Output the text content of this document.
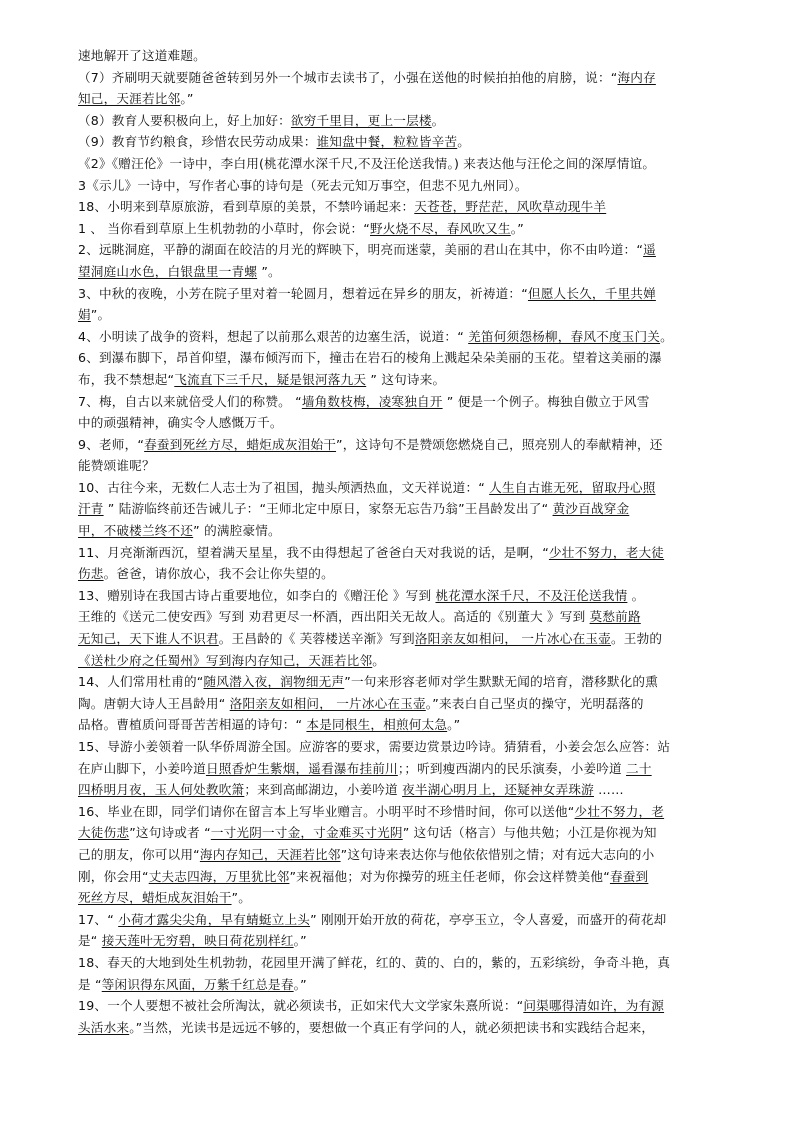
速地解开了这道难题。
（7）齐刷明天就要随爸爸转到另外一个城市去读书了，小强在送他的时候拍拍他的肩膀，说：“海内存
知己，天涯若比邻。”
（8）教育人要积极向上，好上加好：欲穷千里目，更上一层楼。
（9）教育节约粮食，珍惜农民劳动成果：谁知盘中餐，粒粒皆辛苦。
《2》《赠汪伦》一诗中，李白用(桃花潭水深千尺,不及汪伦送我情。) 来表达他与汪伦之间的深厚情谊。
3《示儿》一诗中，写作者心事的诗句是（死去元知万事空，但悲不见九州同）。
18、小明来到草原旅游，看到草原的美景，不禁吟诵起来：天苍苍，野茫茫，风吹草动现牛羊
1 、 当你看到草原上生机勃勃的小草时，你会说：“野火烧不尽，春风吹又生。”
2、远眺洞庭，平静的湖面在皎洁的月光的辉映下，明亮而迷蒙，美丽的君山在其中，你不由吟道：“遥
望洞庭山水色，白银盘里一青螺 ”。
3、中秋的夜晚，小芳在院子里对着一轮圆月，想着远在异乡的朋友，祈祷道：“但愿人长久，千里共婵
娟”。
4、小明读了战争的资料，想起了以前那么艰苦的边塞生活，说道：“ 羌笛何须怨杨柳，春风不度玉门关。
6、到瀑布脚下，昂首仰望，瀑布倾泻而下，撞击在岩石的棱角上溅起朵朵美丽的玉花。望着这美丽的瀑
布，我不禁想起“飞流直下三千尺，疑是银河落九天 ” 这句诗来。
7、梅，自古以来就倍受人们的称赞。 “墙角数枝梅，凌寒独自开 ” 便是一个例子。梅独自傲立于风雪
中的顽强精神，确实令人感慨万千。
9、老师，“春蚕到死丝方尽，蜡炬成灰泪始干”，这诗句不是赞颂您燃烧自己，照亮别人的奉献精神，还
能赞颂谁呢？
10、古往今来，无数仁人志士为了祖国，抛头颅洒热血，文天祥说道：“ 人生自古谁无死，留取丹心照
汗青 ” 陆游临终前还告诫儿子：“王师北定中原日，家祭无忘告乃翁”王昌龄发出了“ 黄沙百战穿金
甲，不破楼兰终不还” 的满腔豪情。
11、月亮渐渐西沉，望着满天星星，我不由得想起了爸爸白天对我说的话，是啊，“少壮不努力，老大徒
伤悲。爸爸，请你放心，我不会让你失望的。
13、赠别诗在我国古诗占重要地位，如李白的《赠汪伦 》写到 桃花潭水深千尺，不及汪伦送我情 。
王维的《送元二使安西》写到 劝君更尽一杯酒，西出阳关无故人。高适的《别董大 》写到 莫愁前路
无知己，天下谁人不识君。王昌龄的《 芙蓉楼送辛渐》写到洛阳亲友如相问， 一片冰心在玉壶。王勃的
《送杜少府之任蜀州》写到海内存知己，天涯若比邻。
14、人们常用杜甫的“随风潜入夜，润物细无声”一句来形容老师对学生默默无闻的培育，潜移默化的熏
陶。唐朝大诗人王昌龄用“ 洛阳亲友如相问， 一片冰心在玉壶。”来表白自己坚贞的操守，光明磊落的
品格。曹植质问哥哥苦苦相逼的诗句：“ 本是同根生，相煎何太急。”
15、导游小姜领着一队华侨周游全国。应游客的要求，需要边赏景边吟诗。猜猜看，小姜会怎么应答：站
在庐山脚下，小姜吟道日照香炉生紫烟，遥看瀑布挂前川；；听到瘦西湖内的民乐演奏，小姜吟道 二十
四桥明月夜，玉人何处教吹箫；来到高邮湖边，小姜吟道 夜半湖心明月上，还疑神女弄珠游 ……
16、毕业在即，同学们请你在留言本上写毕业赠言。小明平时不珍惜时间，你可以送他“少壮不努力，老
大徒伤悲”这句诗或者 “一寸光阴一寸金，寸金难买寸光阴” 这句话（格言）与他共勉；小江是你视为知
己的朋友，你可以用“海内存知己，天涯若比邻”这句诗来表达你与他依依惜别之情；对有远大志向的小
刚，你会用“丈夫志四海，万里犹比邻”来祝福他；对为你操劳的班主任老师，你会这样赞美他“春蚕到
死丝方尽，蜡炬成灰泪始干”。
17、“ 小荷才露尖尖角，早有蜻蜓立上头” 刚刚开始开放的荷花，亭亭玉立，令人喜爱，而盛开的荷花却
是“ 接天莲叶无穷碧，映日荷花别样红。”
18、春天的大地到处生机勃勃，花园里开满了鲜花，红的、黄的、白的，紫的，五彩缤纷，争奇斗艳，真
是 “等闲识得东风面，万紫千红总是春。”
19、一个人要想不被社会所淘汰，就必须读书，正如宋代大文学家朱熹所说：“问渠哪得清如许，为有源
头活水来。”当然，光读书是远远不够的，要想做一个真正有学问的人，就必须把读书和实践结合起来，
